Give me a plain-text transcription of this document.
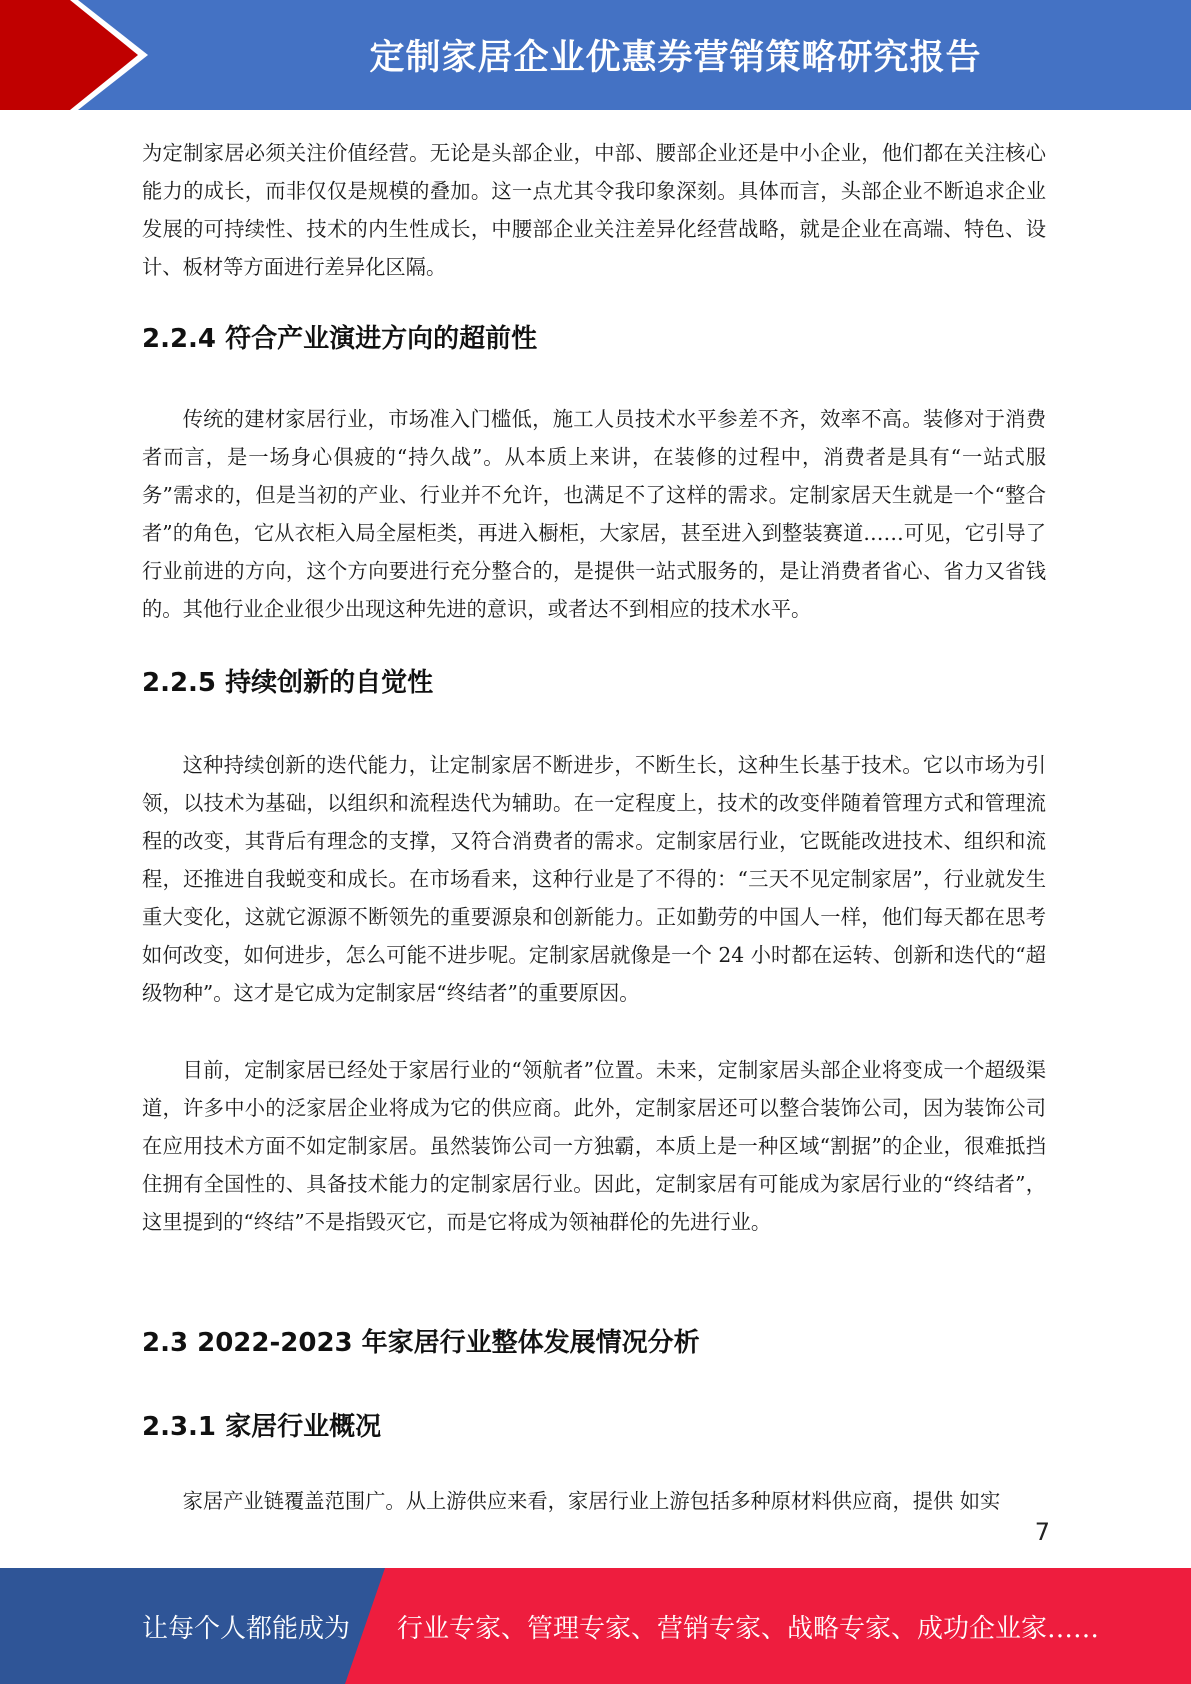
定制家居企业优惠券营销策略研究报告

为定制家居必须关注价值经营。无论是头部企业，中部、腰部企业还是中小企业，他们都在关注核心能力的成长，而非仅仅是规模的叠加。这一点尤其令我印象深刻。具体而言，头部企业不断追求企业发展的可持续性、技术的内生性成长，中腰部企业关注差异化经营战略，就是企业在高端、特色、设计、板材等方面进行差异化区隔。

2.2.4 符合产业演进方向的超前性

传统的建材家居行业，市场准入门槛低，施工人员技术水平参差不齐，效率不高。装修对于消费者而言，是一场身心俱疲的“持久战”。从本质上来讲，在装修的过程中，消费者是具有“一站式服务”需求的，但是当初的产业、行业并不允许，也满足不了这样的需求。定制家居天生就是一个“整合者”的角色，它从衣柜入局全屋柜类，再进入橱柜，大家居，甚至进入到整装赛道……可见，它引导了行业前进的方向，这个方向要进行充分整合的，是提供一站式服务的，是让消费者省心、省力又省钱的。其他行业企业很少出现这种先进的意识，或者达不到相应的技术水平。

2.2.5 持续创新的自觉性

这种持续创新的迭代能力，让定制家居不断进步，不断生长，这种生长基于技术。它以市场为引领，以技术为基础，以组织和流程迭代为辅助。在一定程度上，技术的改变伴随着管理方式和管理流程的改变，其背后有理念的支撑，又符合消费者的需求。定制家居行业，它既能改进技术、组织和流程，还推进自我蜕变和成长。在市场看来，这种行业是了不得的：“三天不见定制家居”，行业就发生重大变化，这就它源源不断领先的重要源泉和创新能力。正如勤劳的中国人一样，他们每天都在思考如何改变，如何进步，怎么可能不进步呢。定制家居就像是一个 24 小时都在运转、创新和迭代的“超级物种”。这才是它成为定制家居“终结者”的重要原因。

目前，定制家居已经处于家居行业的“领航者”位置。未来，定制家居头部企业将变成一个超级渠道，许多中小的泛家居企业将成为它的供应商。此外，定制家居还可以整合装饰公司，因为装饰公司在应用技术方面不如定制家居。虽然装饰公司一方独霸，本质上是一种区域“割据”的企业，很难抵挡住拥有全国性的、具备技术能力的定制家居行业。因此，定制家居有可能成为家居行业的“终结者”，这里提到的“终结”不是指毁灭它，而是它将成为领袖群伦的先进行业。

2.3 2022-2023 年家居行业整体发展情况分析
2.3.1 家居行业概况

家居产业链覆盖范围广。从上游供应来看，家居行业上游包括多种原材料供应商，提供 如实

7
让每个人都能成为 行业专家、管理专家、营销专家、战略专家、成功企业家……
